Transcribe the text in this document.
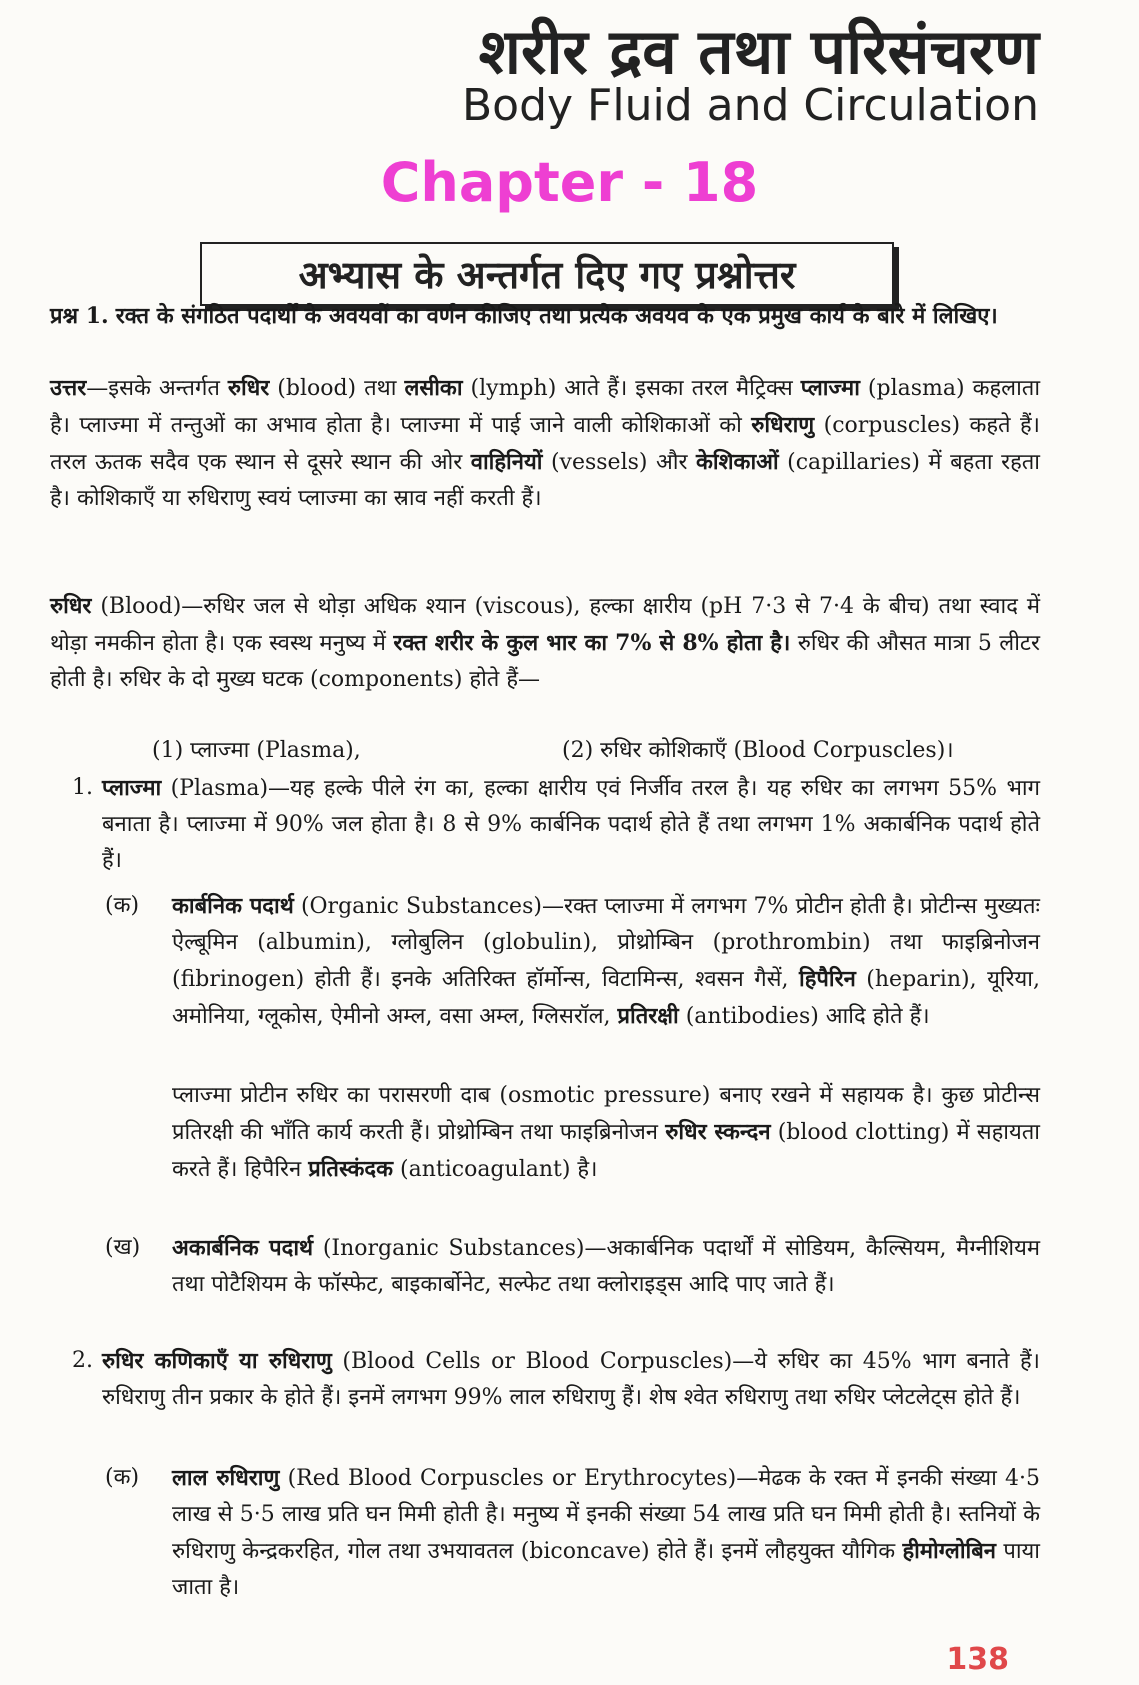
शरीर द्रव तथा परिसंचरण
Body Fluid and Circulation
Chapter - 18
अभ्यास के अन्तर्गत दिए गए प्रश्नोत्तर

प्रश्न 1. रक्त के संगठित पदार्थों के अवयवों का वर्णन कीजिए तथा प्रत्येक अवयव के एक प्रमुख कार्य के बारे में लिखिए।

उत्तर—इसके अन्तर्गत रुधिर (blood) तथा लसीका (lymph) आते हैं। इसका तरल मैट्रिक्स प्लाज्मा (plasma) कहलाता है। प्लाज्मा में तन्तुओं का अभाव होता है। प्लाज्मा में पाई जाने वाली कोशिकाओं को रुधिराणु (corpuscles) कहते हैं। तरल ऊतक सदैव एक स्थान से दूसरे स्थान की ओर वाहिनियों (vessels) और केशिकाओं (capillaries) में बहता रहता है। कोशिकाएँ या रुधिराणु स्वयं प्लाज्मा का स्राव नहीं करती हैं।

रुधिर (Blood)—रुधिर जल से थोड़ा अधिक श्यान (viscous), हल्का क्षारीय (pH 7·3 से 7·4 के बीच) तथा स्वाद में थोड़ा नमकीन होता है। एक स्वस्थ मनुष्य में रक्त शरीर के कुल भार का 7% से 8% होता है। रुधिर की औसत मात्रा 5 लीटर होती है। रुधिर के दो मुख्य घटक (components) होते हैं—

(1) प्लाज्मा (Plasma),	(2) रुधिर कोशिकाएँ (Blood Corpuscles)।
1. प्लाज्मा (Plasma)—यह हल्के पीले रंग का, हल्का क्षारीय एवं निर्जीव तरल है। यह रुधिर का लगभग 55% भाग बनाता है। प्लाज्मा में 90% जल होता है। 8 से 9% कार्बनिक पदार्थ होते हैं तथा लगभग 1% अकार्बनिक पदार्थ होते हैं।

(क) कार्बनिक पदार्थ (Organic Substances)—रक्त प्लाज्मा में लगभग 7% प्रोटीन होती है। प्रोटीन्स मुख्यतः ऐल्बूमिन (albumin), ग्लोबुलिन (globulin), प्रोथ्रोम्बिन (prothrombin) तथा फाइब्रिनोजन (fibrinogen) होती हैं। इनके अतिरिक्त हॉर्मोन्स, विटामिन्स, श्वसन गैसें, हिपैरिन (heparin), यूरिया, अमोनिया, ग्लूकोस, ऐमीनो अम्ल, वसा अम्ल, ग्लिसरॉल, प्रतिरक्षी (antibodies) आदि होते हैं।

प्लाज्मा प्रोटीन रुधिर का परासरणी दाब (osmotic pressure) बनाए रखने में सहायक है। कुछ प्रोटीन्स प्रतिरक्षी की भाँति कार्य करती हैं। प्रोथ्रोम्बिन तथा फाइब्रिनोजन रुधिर स्कन्दन (blood clotting) में सहायता करते हैं। हिपैरिन प्रतिस्कंदक (anticoagulant) है।

(ख) अकार्बनिक पदार्थ (Inorganic Substances)—अकार्बनिक पदार्थों में सोडियम, कैल्सियम, मैग्नीशियम तथा पोटैशियम के फॉस्फेट, बाइकार्बोनेट, सल्फेट तथा क्लोराइड्स आदि पाए जाते हैं।

2. रुधिर कणिकाएँ या रुधिराणु (Blood Cells or Blood Corpuscles)—ये रुधिर का 45% भाग बनाते हैं। रुधिराणु तीन प्रकार के होते हैं। इनमें लगभग 99% लाल रुधिराणु हैं। शेष श्वेत रुधिराणु तथा रुधिर प्लेटलेट्स होते हैं।

(क) लाल रुधिराणु (Red Blood Corpuscles or Erythrocytes)—मेढक के रक्त में इनकी संख्या 4·5 लाख से 5·5 लाख प्रति घन मिमी होती है। मनुष्य में इनकी संख्या 54 लाख प्रति घन मिमी होती है। स्तनियों के रुधिराणु केन्द्रकरहित, गोल तथा उभयावतल (biconcave) होते हैं। इनमें लौहयुक्त यौगिक हीमोग्लोबिन पाया जाता है।

138
